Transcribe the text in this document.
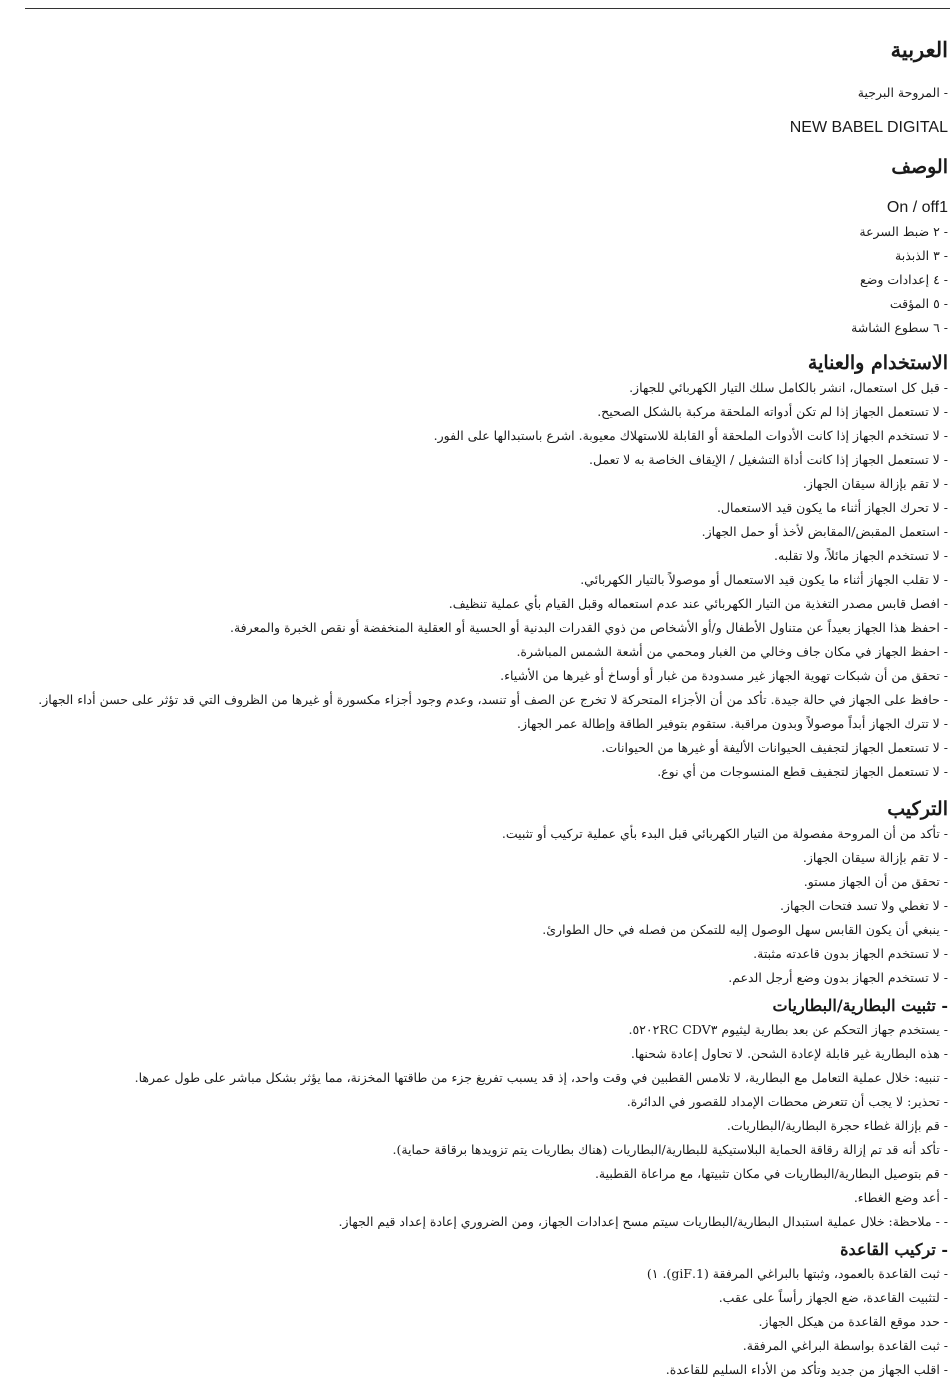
العربية

- المروحة البرجية

NEW BABEL DIGITAL

الوصف

On / off1

- ٢ ضبط السرعة
- ٣ الذبذبة
- ٤ إعدادات وضع
- ٥ المؤقت
- ٦ سطوع الشاشة
الاستخدام والعناية
- قبل كل استعمال، انشر بالكامل سلك التيار الكهربائي للجهاز.
- لا تستعمل الجهاز إذا لم تكن أدواته الملحقة مركبة بالشكل الصحيح.
- لا تستخدم الجهاز إذا كانت الأدوات الملحقة أو القابلة للاستهلاك معيوبة. اشرع باستبدالها على الفور.
- لا تستعمل الجهاز إذا كانت أداة التشغيل / الإيقاف الخاصة به لا تعمل.
- لا تقم بإزالة سيقان الجهاز.
- لا تحرك الجهاز أثناء ما يكون قيد الاستعمال.
- استعمل المقبض/المقابض لأخذ أو حمل الجهاز.
- لا تستخدم الجهاز مائلاً، ولا تقلبه.
- لا تقلب الجهاز أثناء ما يكون قيد الاستعمال أو موصولاً بالتيار الكهربائي.
- افصل قابس مصدر التغذية من التيار الكهربائي عند عدم استعماله وقبل القيام بأي عملية تنظيف.
- احفظ هذا الجهاز بعيداً عن متناول الأطفال و/أو الأشخاص من ذوي القدرات البدنية أو الحسية أو العقلية المنخفضة أو نقص الخبرة والمعرفة.
- احفظ الجهاز في مكان جاف وخالي من الغبار ومحمي من أشعة الشمس المباشرة.
- تحقق من أن شبكات تهوية الجهاز غير مسدودة من غبار أو أوساخ أو غيرها من الأشياء.
- حافظ على الجهاز في حالة جيدة. تأكد من أن الأجزاء المتحركة لا تخرج عن الصف أو تنسد، وعدم وجود أجزاء مكسورة أو غيرها من الظروف التي قد تؤثر على حسن أداء الجهاز.
- لا تترك الجهاز أبداً موصولاً وبدون مراقبة. ستقوم بتوفير الطاقة وإطالة عمر الجهاز.
- لا تستعمل الجهاز لتجفيف الحيوانات الأليفة أو غيرها من الحيوانات.
- لا تستعمل الجهاز لتجفيف قطع المنسوجات من أي نوع.
التركيب
- تأكد من أن المروحة مفصولة من التيار الكهربائي قبل البدء بأي عملية تركيب أو تثبيت.
- لا تقم بإزالة سيقان الجهاز.
- تحقق من أن الجهاز مستو.
- لا تغطي ولا تسد فتحات الجهاز.
- ينبغي أن يكون القابس سهل الوصول إليه للتمكن من فصله في حال الطوارئ.
- لا تستخدم الجهاز بدون قاعدته مثبتة.
- لا تستخدم الجهاز بدون وضع أرجل الدعم.
- تثبيت البطارية/البطاريات
- يستخدم جهاز التحكم عن بعد بطارية ليثيوم CDV٣ ٥٢٠٢RC.
- هذه البطارية غير قابلة لإعادة الشحن. لا تحاول إعادة شحنها.
- تنبيه: خلال عملية التعامل مع البطارية، لا تلامس القطبين في وقت واحد، إذ قد يسبب تفريغ جزء من طاقتها المخزنة، مما يؤثر بشكل مباشر على طول عمرها.
- تحذير: لا يجب أن تتعرض محطات الإمداد للقصور في الدائرة.
- قم بإزالة غطاء حجرة البطارية/البطاريات.
- تأكد أنه قد تم إزالة رقاقة الحماية البلاستيكية للبطارية/البطاريات (هناك بطاريات يتم تزويدها برقاقة حماية).
- قم بتوصيل البطارية/البطاريات في مكان تثبيتها، مع مراعاة القطبية.
- أعد وضع الغطاء.
- - ملاحظة: خلال عملية استبدال البطارية/البطاريات سيتم مسح إعدادات الجهاز، ومن الضروري إعادة إعداد قيم الجهاز.
- تركيب القاعدة
- ثبت القاعدة بالعمود، وثبتها بالبراغي المرفقة (1.giF). ١)
- لتثبيت القاعدة، ضع الجهاز رأساً على عقب.
- حدد موقع القاعدة من هيكل الجهاز.
- ثبت القاعدة بواسطة البراغي المرفقة.
- اقلب الجهاز من جديد وتأكد من الأداء السليم للقاعدة.
